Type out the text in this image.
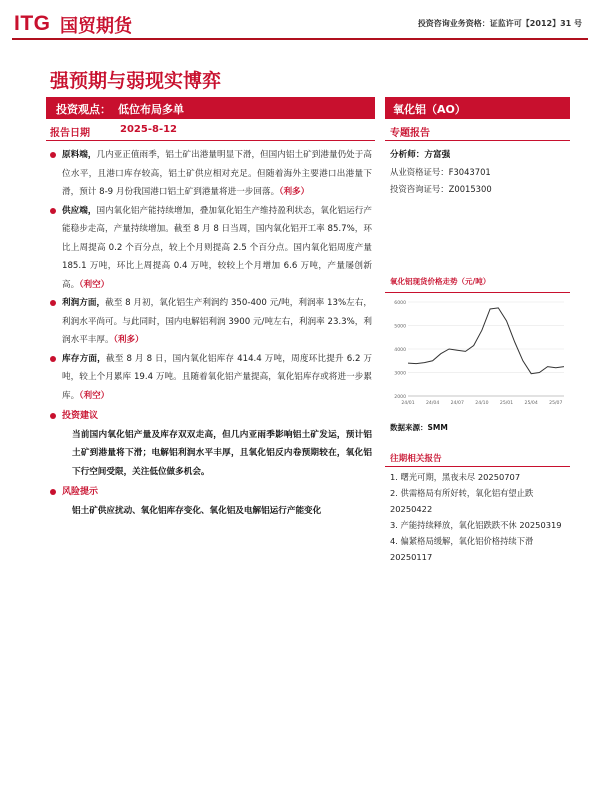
ITG 国贸期货	投资咨询业务资格：证监许可【2012】31 号
强预期与弱现实博弈
投资观点： 低位布局多单
报告日期	2025-8-12
原料端，几内亚正值雨季，铝土矿出港量明显下滑，但国内铝土矿到港量仍处于高位水平，且港口库存较高，铝土矿供应相对充足。但随着海外主要港口出港量下滑，预计 8-9 月份我国港口铝土矿到港量将进一步回落。（利多）
供应端，国内氧化铝产能持续增加，叠加氧化铝生产维持盈利状态，氧化铝运行产能稳步走高，产量持续增加。截至 8 月 8 日当周，国内氧化铝开工率 85.7%，环比上周提高 0.2 个百分点，较上个月则提高 2.5 个百分点。国内氧化铝周度产量 185.1 万吨，环比上周提高 0.4 万吨，较较上个月增加 6.6 万吨，产量屡创新高。（利空）
利润方面，截至 8 月初，氧化铝生产利润约 350-400 元/吨，利润率 13%左右，利润水平尚可。与此同时，国内电解铝利润 3900 元/吨左右，利润率 23.3%，利润水平丰厚。（利多）
库存方面，截至 8 月 8 日，国内氧化铝库存 414.4 万吨，周度环比提升 6.2 万吨，较上个月累库 19.4 万吨。且随着氧化铝产量提高，氧化铝库存或将进一步累库。（利空）
投资建议
当前国内氧化铝产量及库存双双走高，但几内亚雨季影响铝土矿发运，预计铝土矿到港量将下滑；电解铝利润水平丰厚，且氧化铝反内卷预期较在，氧化铝下行空间受限，关注低位做多机会。
风险提示
铝土矿供应扰动、氧化铝库存变化、氧化铝及电解铝运行产能变化
氧化铝（AO）
专题报告
分析师：方富强
从业资格证号：F3043701
投资咨询证号：Z0015300
氧化铝现货价格走势（元/吨）
2000
3000
4000
5000
6000
24/01 24/04 24/07 24/10 25/01 25/04 25/07
数据来源：SMM
往期相关报告
1. 曙光可期，黑夜未尽 20250707
2. 供需格局有所好转，氧化铝有望止跌 20250422
3. 产能持续释放，氧化铝跌跌不休 20250319
4. 偏紧格局缓解，氧化铝价格持续下滑 20250117
